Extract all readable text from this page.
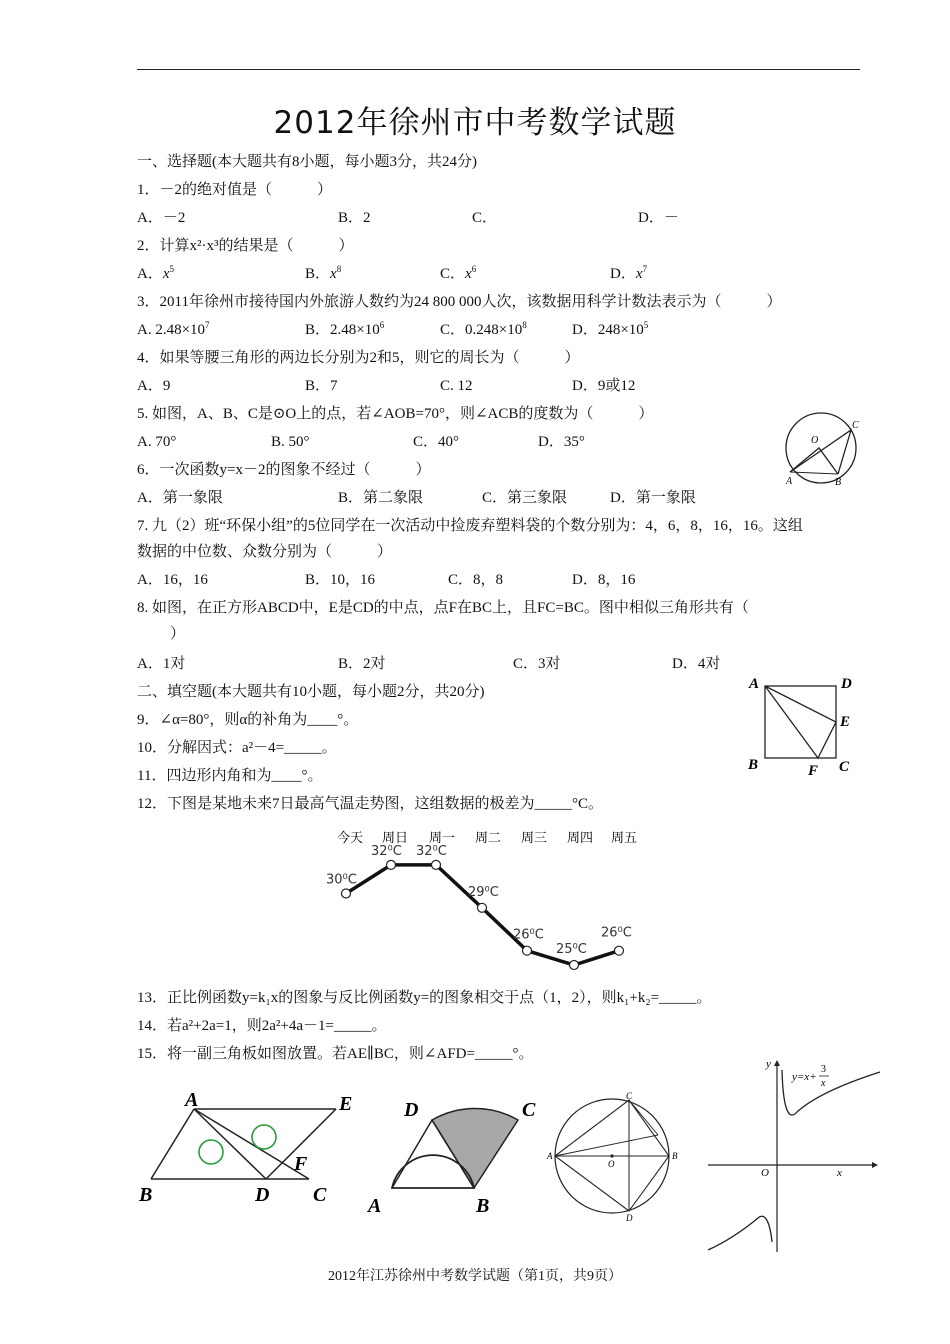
2012年徐州市中考数学试题
一、选择题(本大题共有8小题，每小题3分，共24分)
1．－2的绝对值是（　　　）
A．－2	B．2	C．	D．－
2．计算x²·x³的结果是（　　　）
A．$x^5$	B．$x^8$	C．$x^6$	D．$x^7$
3．2011年徐州市接待国内外旅游人数约为24 800 000人次，该数据用科学计数法表示为（　　　）
A. $2.48\times 10^7$	B．$2.48\times 10^6$	C．$0.248\times 10^8$	D．$248\times 10^5$
4．如果等腰三角形的两边长分别为2和5，则它的周长为（　　　）
A．9	B．7	C. 12	D．9或12
5. 如图，A、B、C是⊙O上的点，若∠AOB=70°，则∠ACB的度数为（　　　）
A. 70°	B. 50°	C．40°	D．35°	O
A	B
C
6．一次函数y=x－2的图象不经过（　　　）
A．第一象限	B．第二象限	C．第三象限	D．第一象限
7. 九（2）班“环保小组”的5位同学在一次活动中捡废弃塑料袋的个数分别为：4，6，8，16，16。这组
数据的中位数、众数分别为（　　　）
A．16，16	B．10，16	C．8，8	D．8，16
8. 如图，在正方形ABCD中，E是CD的中点，点F在BC上，且FC=BC。图中相似三角形共有（
）
A．1对	B．2对	C．3对	D．4对
A	D
E
B	F C
二、填空题(本大题共有10小题，每小题2分，共20分)
9．∠α=80°，则α的补角为____°。
10．分解因式：a²－4=_____。
11．四边形内角和为____°。
12．下图是某地未来7日最高气温走势图，这组数据的极差为_____°C。
今天 周日 周一 周二 周三 周四 周五
30⁰C
32⁰C 32⁰C
29⁰C
26⁰C
25⁰C
26⁰C
13．正比例函数y=k₁x的图象与反比例函数y=的图象相交于点（1，2），则k₁+k₂=_____。
14．若a²+2a=1，则2a²+4a－1=_____。
15．将一副三角板如图放置。若AE∥BC，则∠AFD=_____°。
A	E
B	D
F
C
D	C
A	B
C
A	B
O
D
y
x
O
y=x+
3
x
2012年江苏徐州中考数学试题（第1页，共9页）
